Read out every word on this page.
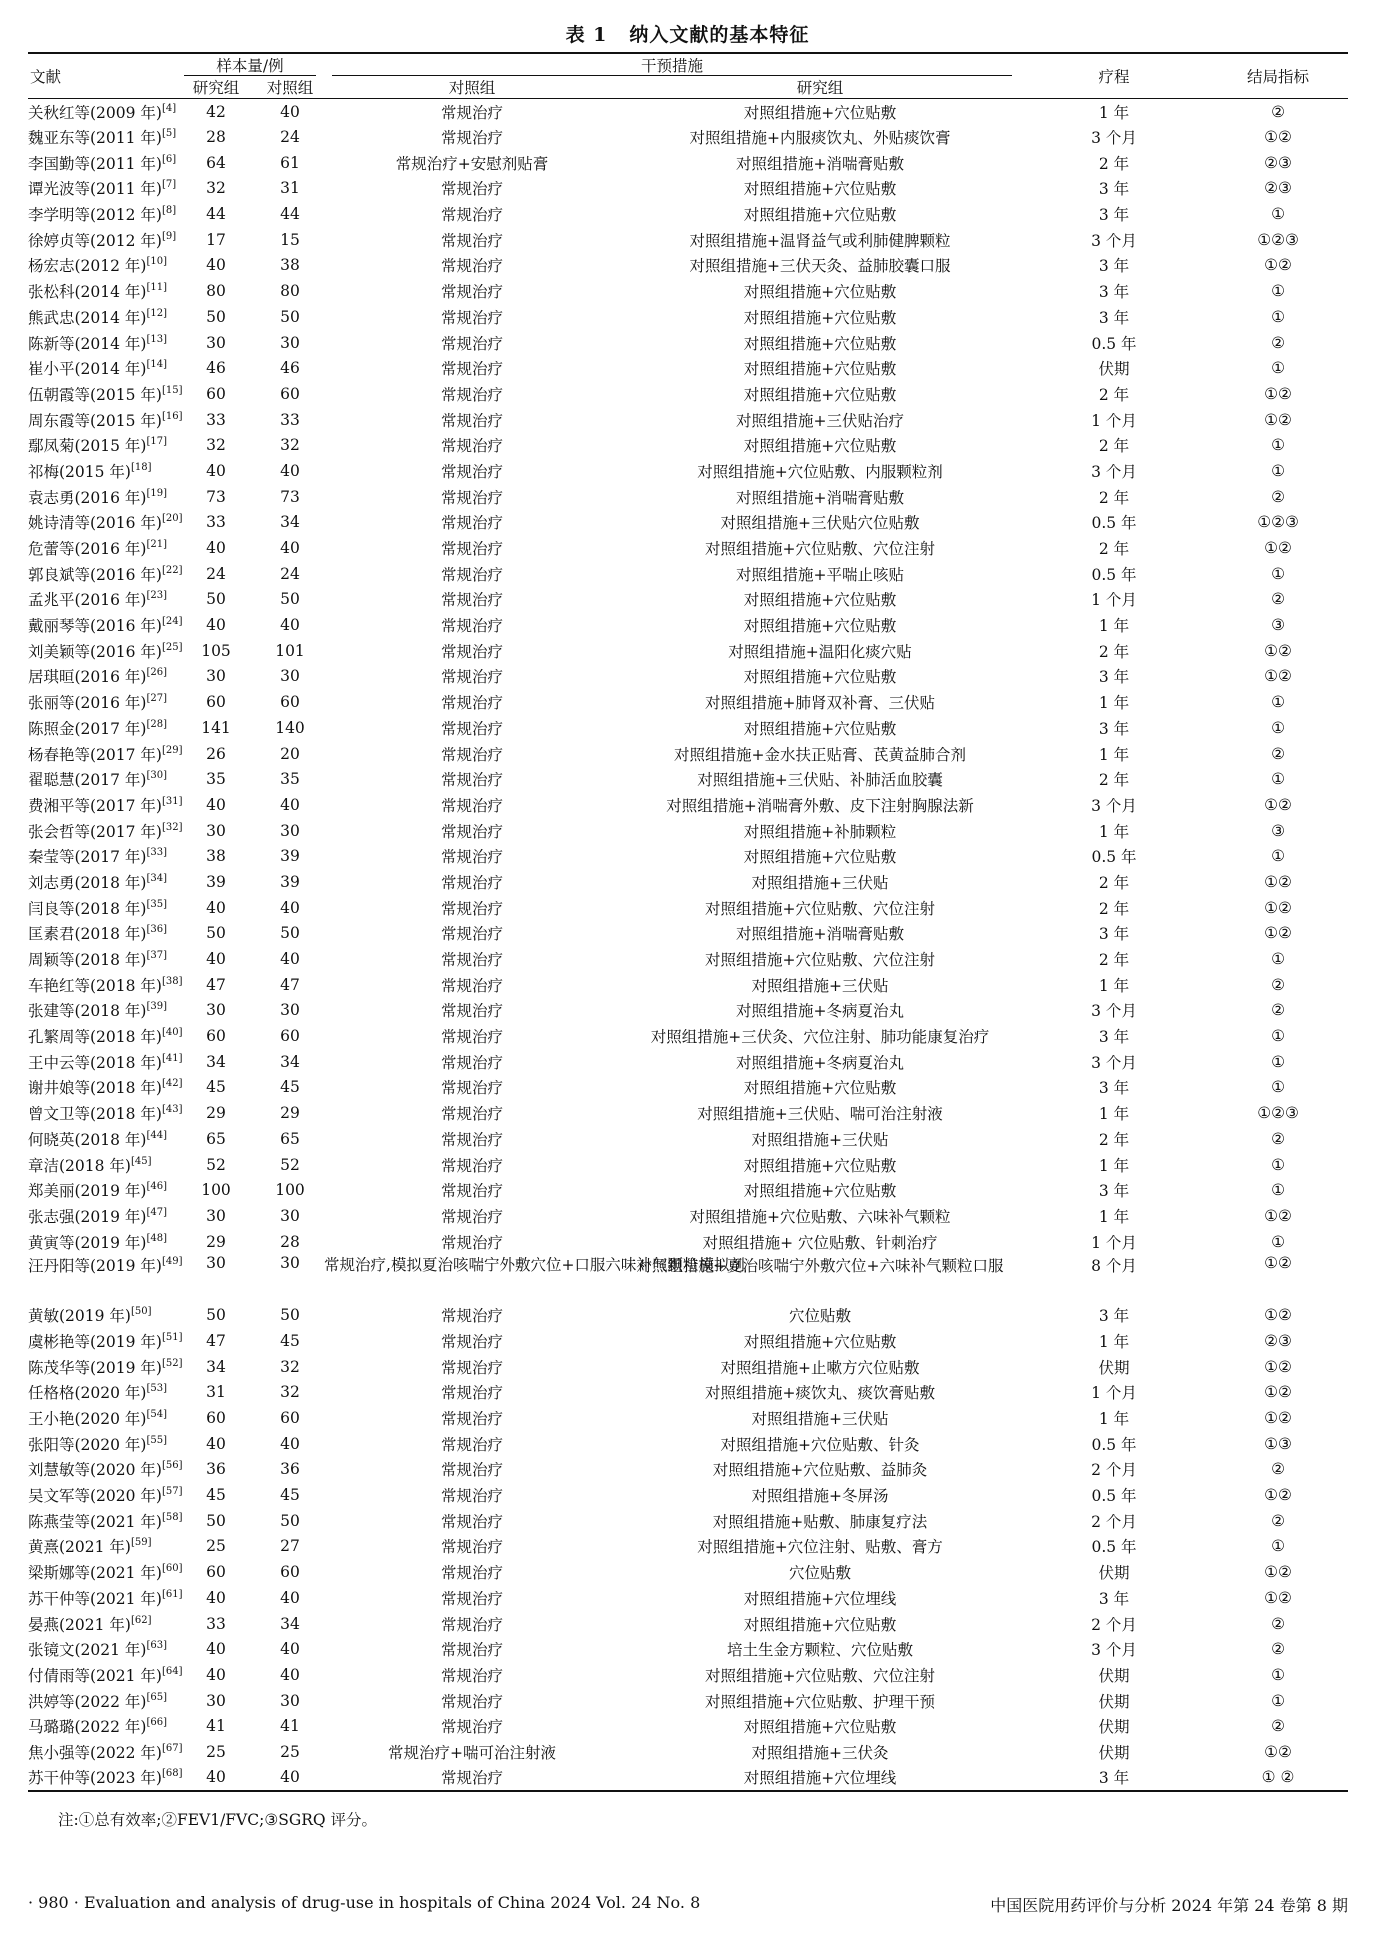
表 1 纳入文献的基本特征
文献	样本量/例		干预措施		疗程	结局指标
	研究组	对照组	对照组	研究组		
关秋红等(2009 年)[4]	42	40	常规治疗	对照组措施+穴位贴敷	1 年	②
魏亚东等(2011 年)[5]	28	24	常规治疗	对照组措施+内服痰饮丸、外贴痰饮膏	3 个月	①②
李国勤等(2011 年)[6]	64	61	常规治疗+安慰剂贴膏	对照组措施+消喘膏贴敷	2 年	②③
谭光波等(2011 年)[7]	32	31	常规治疗	对照组措施+穴位贴敷	3 年	②③
李学明等(2012 年)[8]	44	44	常规治疗	对照组措施+穴位贴敷	3 年	①
徐婷贞等(2012 年)[9]	17	15	常规治疗	对照组措施+温肾益气或利肺健脾颗粒	3 个月	①②③
杨宏志(2012 年)[10]	40	38	常规治疗	对照组措施+三伏天灸、益肺胶囊口服	3 年	①②
张松科(2014 年)[11]	80	80	常规治疗	对照组措施+穴位贴敷	3 年	①
熊武忠(2014 年)[12]	50	50	常规治疗	对照组措施+穴位贴敷	3 年	①
陈新等(2014 年)[13]	30	30	常规治疗	对照组措施+穴位贴敷	0.5 年	②
崔小平(2014 年)[14]	46	46	常规治疗	对照组措施+穴位贴敷	伏期	①
伍朝霞等(2015 年)[15]	60	60	常规治疗	对照组措施+穴位贴敷	2 年	①②
周东霞等(2015 年)[16]	33	33	常规治疗	对照组措施+三伏贴治疗	1 个月	①②
鄢凤菊(2015 年)[17]	32	32	常规治疗	对照组措施+穴位贴敷	2 年	①
祁梅(2015 年)[18]	40	40	常规治疗	对照组措施+穴位贴敷、内服颗粒剂	3 个月	①
袁志勇(2016 年)[19]	73	73	常规治疗	对照组措施+消喘膏贴敷	2 年	②
姚诗清等(2016 年)[20]	33	34	常规治疗	对照组措施+三伏贴穴位贴敷	0.5 年	①②③
危蕾等(2016 年)[21]	40	40	常规治疗	对照组措施+穴位贴敷、穴位注射	2 年	①②
郭良斌等(2016 年)[22]	24	24	常规治疗	对照组措施+平喘止咳贴	0.5 年	①
孟兆平(2016 年)[23]	50	50	常规治疗	对照组措施+穴位贴敷	1 个月	②
戴丽琴等(2016 年)[24]	40	40	常规治疗	对照组措施+穴位贴敷	1 年	③
刘美颖等(2016 年)[25]	105	101	常规治疗	对照组措施+温阳化痰穴贴	2 年	①②
居琪晅(2016 年)[26]	30	30	常规治疗	对照组措施+穴位贴敷	3 年	①②
张丽等(2016 年)[27]	60	60	常规治疗	对照组措施+肺肾双补膏、三伏贴	1 年	①
陈照金(2017 年)[28]	141	140	常规治疗	对照组措施+穴位贴敷	3 年	①
杨春艳等(2017 年)[29]	26	20	常规治疗	对照组措施+金水扶正贴膏、芪黄益肺合剂	1 年	②
翟聪慧(2017 年)[30]	35	35	常规治疗	对照组措施+三伏贴、补肺活血胶囊	2 年	①
费湘平等(2017 年)[31]	40	40	常规治疗	对照组措施+消喘膏外敷、皮下注射胸腺法新	3 个月	①②
张会哲等(2017 年)[32]	30	30	常规治疗	对照组措施+补肺颗粒	1 年	③
秦莹等(2017 年)[33]	38	39	常规治疗	对照组措施+穴位贴敷	0.5 年	①
刘志勇(2018 年)[34]	39	39	常规治疗	对照组措施+三伏贴	2 年	①②
闫良等(2018 年)[35]	40	40	常规治疗	对照组措施+穴位贴敷、穴位注射	2 年	①②
匡素君(2018 年)[36]	50	50	常规治疗	对照组措施+消喘膏贴敷	3 年	①②
周颖等(2018 年)[37]	40	40	常规治疗	对照组措施+穴位贴敷、穴位注射	2 年	①
车艳红等(2018 年)[38]	47	47	常规治疗	对照组措施+三伏贴	1 年	②
张建等(2018 年)[39]	30	30	常规治疗	对照组措施+冬病夏治丸	3 个月	②
孔繁周等(2018 年)[40]	60	60	常规治疗	对照组措施+三伏灸、穴位注射、肺功能康复治疗	3 年	①
王中云等(2018 年)[41]	34	34	常规治疗	对照组措施+冬病夏治丸	3 个月	①
谢井娘等(2018 年)[42]	45	45	常规治疗	对照组措施+穴位贴敷	3 年	①
曾文卫等(2018 年)[43]	29	29	常规治疗	对照组措施+三伏贴、喘可治注射液	1 年	①②③
何晓英(2018 年)[44]	65	65	常规治疗	对照组措施+三伏贴	2 年	②
章洁(2018 年)[45]	52	52	常规治疗	对照组措施+穴位贴敷	1 年	①
郑美丽(2019 年)[46]	100	100	常规治疗	对照组措施+穴位贴敷	3 年	①
张志强(2019 年)[47]	30	30	常规治疗	对照组措施+穴位贴敷、六味补气颗粒	1 年	①②
黄寅等(2019 年)[48]	29	28	常规治疗	对照组措施+ 穴位贴敷、针刺治疗	1 个月	①
汪丹阳等(2019 年)[49]	30	30	常规治疗,模拟夏治咳喘宁外敷穴位+口服六味补气颗粒模拟剂	对照组措施+夏治咳喘宁外敷穴位+六味补气颗粒口服	8 个月	①②
黄敏(2019 年)[50]	50	50	常规治疗	穴位贴敷	3 年	①②
虞彬艳等(2019 年)[51]	47	45	常规治疗	对照组措施+穴位贴敷	1 年	②③
陈茂华等(2019 年)[52]	34	32	常规治疗	对照组措施+止嗽方穴位贴敷	伏期	①②
任格格(2020 年)[53]	31	32	常规治疗	对照组措施+痰饮丸、痰饮膏贴敷	1 个月	①②
王小艳(2020 年)[54]	60	60	常规治疗	对照组措施+三伏贴	1 年	①②
张阳等(2020 年)[55]	40	40	常规治疗	对照组措施+穴位贴敷、针灸	0.5 年	①③
刘慧敏等(2020 年)[56]	36	36	常规治疗	对照组措施+穴位贴敷、益肺灸	2 个月	②
吴文军等(2020 年)[57]	45	45	常规治疗	对照组措施+冬屏汤	0.5 年	①②
陈燕莹等(2021 年)[58]	50	50	常规治疗	对照组措施+贴敷、肺康复疗法	2 个月	②
黄熹(2021 年)[59]	25	27	常规治疗	对照组措施+穴位注射、贴敷、膏方	0.5 年	①
梁斯娜等(2021 年)[60]	60	60	常规治疗	穴位贴敷	伏期	①②
苏干仲等(2021 年)[61]	40	40	常规治疗	对照组措施+穴位埋线	3 年	①②
晏燕(2021 年)[62]	33	34	常规治疗	对照组措施+穴位贴敷	2 个月	②
张镜文(2021 年)[63]	40	40	常规治疗	培土生金方颗粒、穴位贴敷	3 个月	②
付倩雨等(2021 年)[64]	40	40	常规治疗	对照组措施+穴位贴敷、穴位注射	伏期	①
洪婷等(2022 年)[65]	30	30	常规治疗	对照组措施+穴位贴敷、护理干预	伏期	①
马璐璐(2022 年)[66]	41	41	常规治疗	对照组措施+穴位贴敷	伏期	②
焦小强等(2022 年)[67]	25	25	常规治疗+喘可治注射液	对照组措施+三伏灸	伏期	①②
苏干仲等(2023 年)[68]	40	40	常规治疗	对照组措施+穴位埋线	3 年	① ②
注:①总有效率;②FEV1/FVC;③SGRQ 评分。
· 980 · Evaluation and analysis of drug-use in hospitals of China 2024 Vol. 24 No. 8	中国医院用药评价与分析 2024 年第 24 卷第 8 期
